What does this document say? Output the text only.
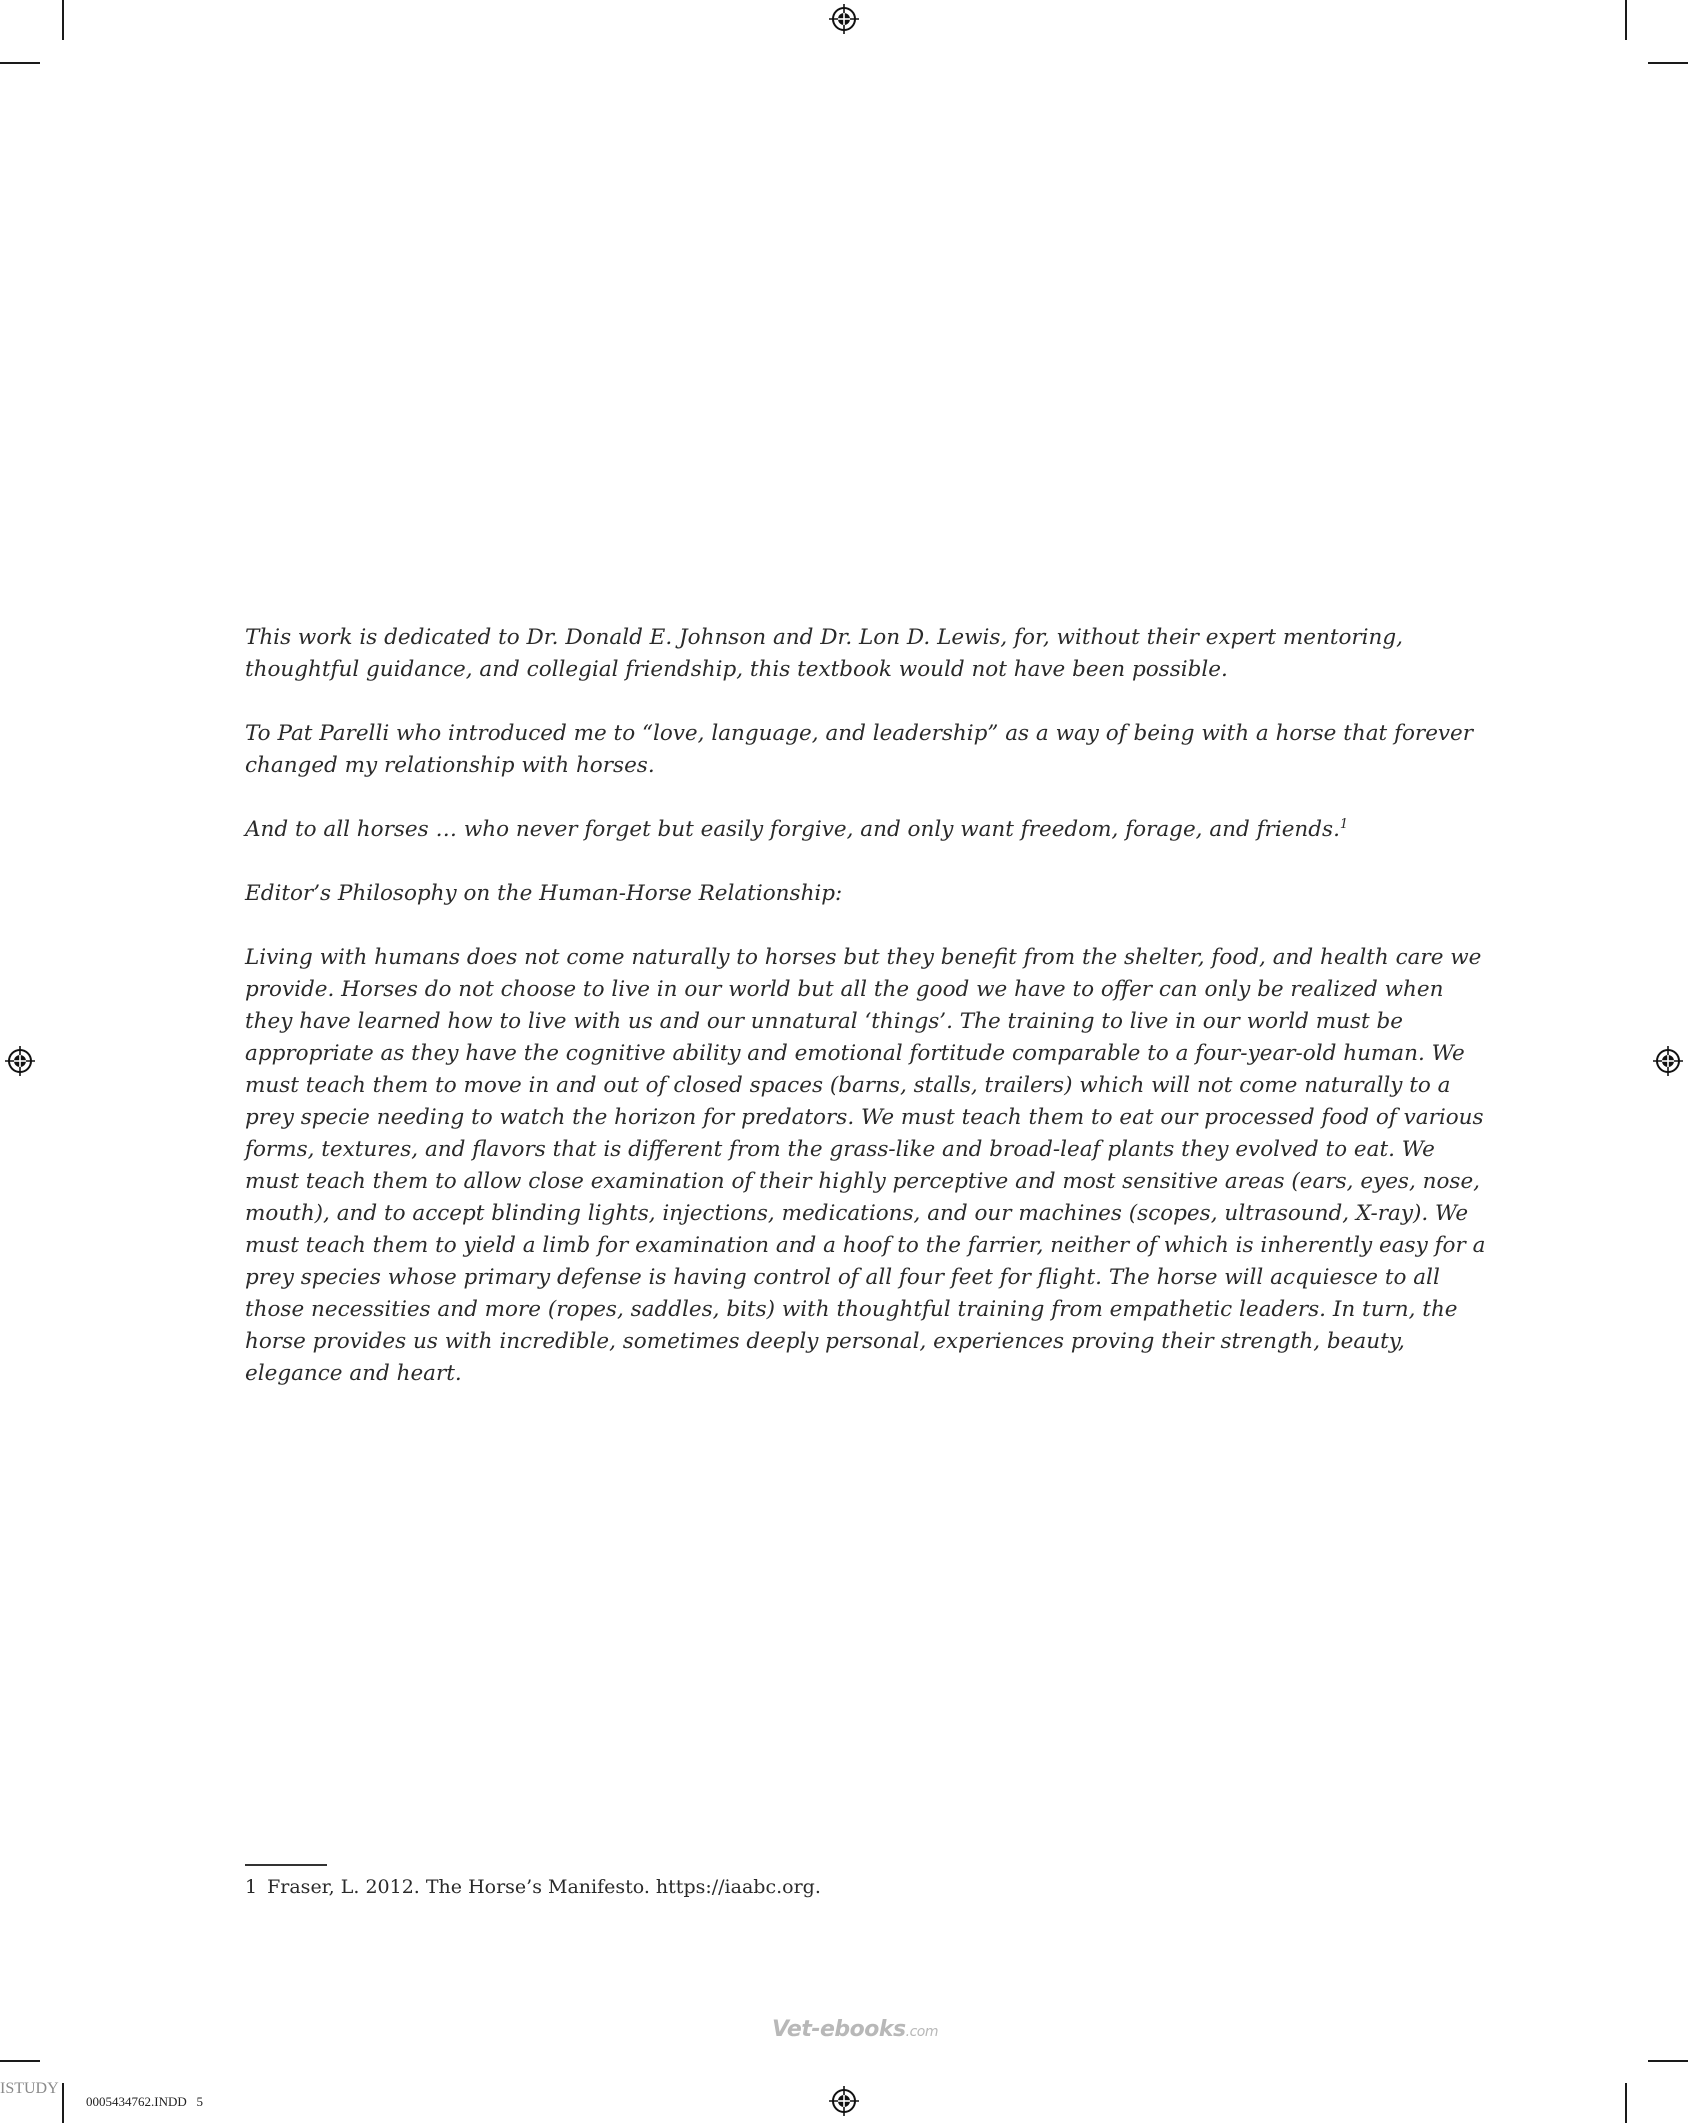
This work is dedicated to Dr. Donald E. Johnson and Dr. Lon D. Lewis, for, without their expert mentoring, thoughtful guidance, and collegial friendship, this textbook would not have been possible.

To Pat Parelli who introduced me to “love, language, and leadership” as a way of being with a horse that forever changed my relationship with horses.

And to all horses … who never forget but easily forgive, and only want freedom, forage, and friends.$^1$

Editor’s Philosophy on the Human-Horse Relationship:

Living with humans does not come naturally to horses but they benefit from the shelter, food, and health care we provide. Horses do not choose to live in our world but all the good we have to offer can only be realized when they have learned how to live with us and our unnatural ‘things’. The training to live in our world must be appropriate as they have the cognitive ability and emotional fortitude comparable to a four-year-old human. We must teach them to move in and out of closed spaces (barns, stalls, trailers) which will not come naturally to a prey specie needing to watch the horizon for predators. We must teach them to eat our processed food of various forms, textures, and flavors that is different from the grass-like and broad-leaf plants they evolved to eat. We must teach them to allow close examination of their highly perceptive and most sensitive areas (ears, eyes, nose, mouth), and to accept blinding lights, injections, medications, and our machines (scopes, ultrasound, X-ray). We must teach them to yield a limb for examination and a hoof to the farrier, neither of which is inherently easy for a prey species whose primary defense is having control of all four feet for flight. The horse will acquiesce to all those necessities and more (ropes, saddles, bits) with thoughtful training from empathetic leaders. In turn, the horse provides us with incredible, sometimes deeply personal, experiences proving their strength, beauty, elegance and heart.

1 Fraser, L. 2012. The Horse’s Manifesto. https://iaabc.org.
Vet-ebooks.com
0005434762.INDD 5
ISTUDY
